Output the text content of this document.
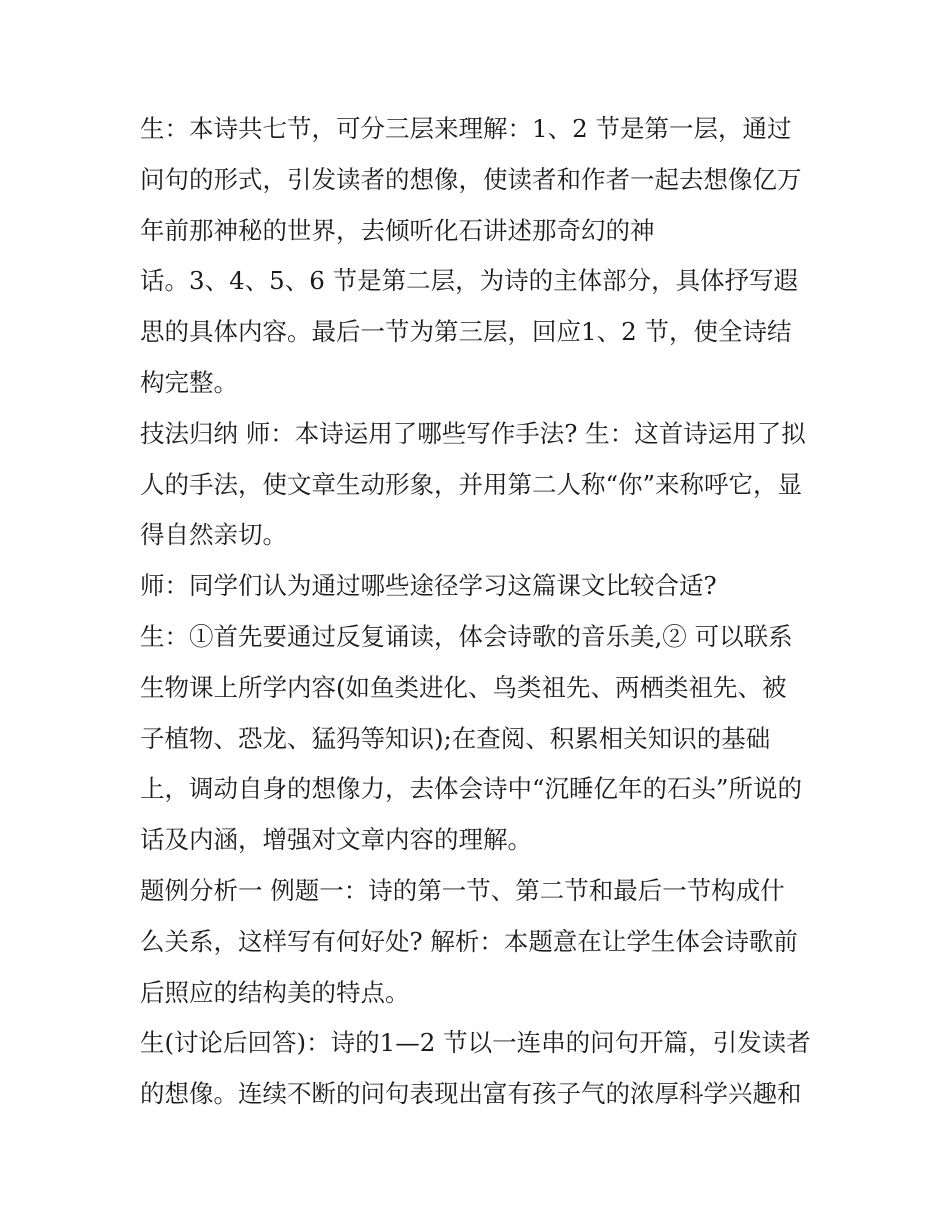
生：本诗共七节，可分三层来理解：1、2 节是第一层，通过
问句的形式，引发读者的想像，使读者和作者一起去想像亿万
年前那神秘的世界，去倾听化石讲述那奇幻的神
话。3、4、5、6 节是第二层，为诗的主体部分，具体抒写遐
思的具体内容。最后一节为第三层，回应1、2 节，使全诗结
构完整。
技法归纳 师：本诗运用了哪些写作手法? 生：这首诗运用了拟
人的手法，使文章生动形象，并用第二人称“你”来称呼它，显
得自然亲切。
师：同学们认为通过哪些途径学习这篇课文比较合适?
生：①首先要通过反复诵读，体会诗歌的音乐美,② 可以联系
生物课上所学内容(如鱼类进化、鸟类祖先、两栖类祖先、被
子植物、恐龙、猛犸等知识);在查阅、积累相关知识的基础
上，调动自身的想像力，去体会诗中“沉睡亿年的石头”所说的
话及内涵，增强对文章内容的理解。
题例分析一 例题一：诗的第一节、第二节和最后一节构成什
么关系，这样写有何好处? 解析：本题意在让学生体会诗歌前
后照应的结构美的特点。
生(讨论后回答)：诗的1—2 节以一连串的问句开篇，引发读者
的想像。连续不断的问句表现出富有孩子气的浓厚科学兴趣和
